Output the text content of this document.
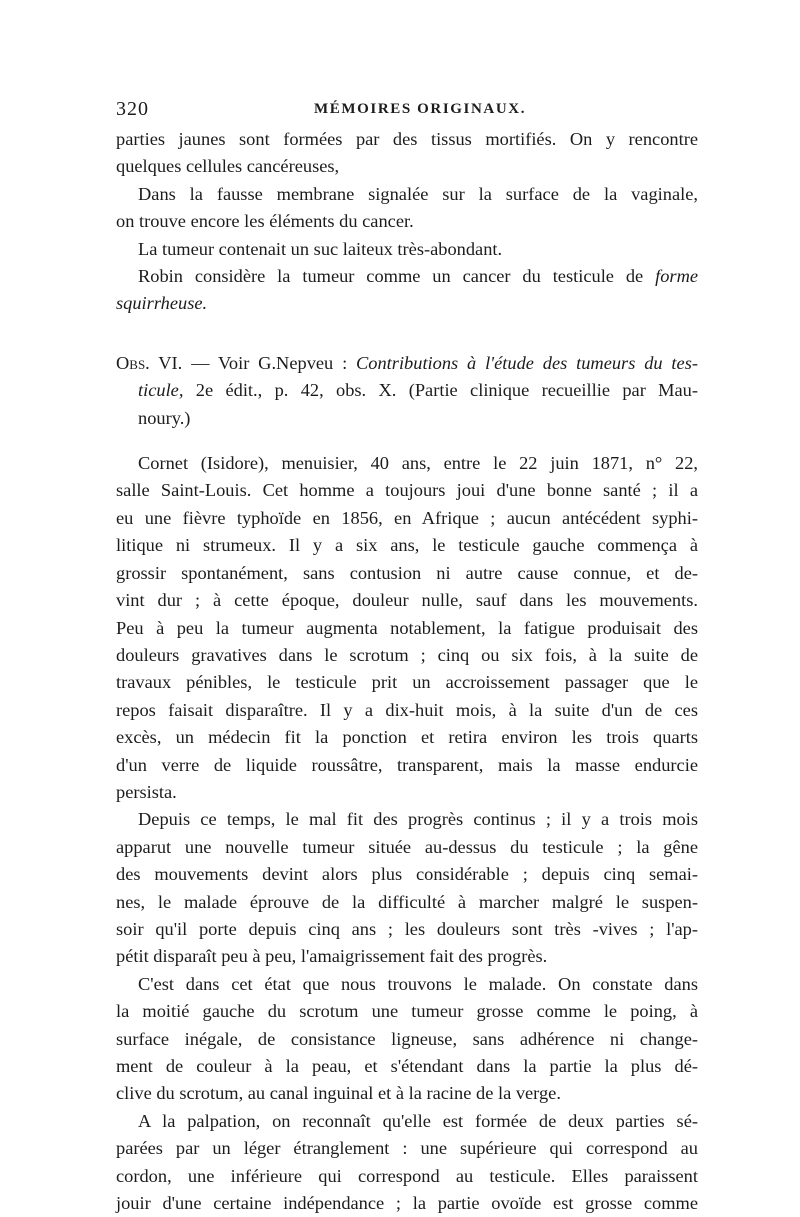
320	MÉMOIRES ORIGINAUX.
parties jaunes sont formées par des tissus mortifiés. On y rencontre
quelques cellules cancéreuses,
Dans la fausse membrane signalée sur la surface de la vaginale,
on trouve encore les éléments du cancer.
La tumeur contenait un suc laiteux très-abondant.
Robin considère la tumeur comme un cancer du testicule de forme
squirrheuse.
Obs. VI. — Voir G.Nepveu : Contributions à l'étude des tumeurs du tes-
ticule, 2e édit., p. 42, obs. X. (Partie clinique recueillie par Mau-
noury.)
Cornet (Isidore), menuisier, 40 ans, entre le 22 juin 1871, n° 22,
salle Saint-Louis. Cet homme a toujours joui d'une bonne santé ; il a
eu une fièvre typhoïde en 1856, en Afrique ; aucun antécédent syphi-
litique ni strumeux. Il y a six ans, le testicule gauche commença à
grossir spontanément, sans contusion ni autre cause connue, et de-
vint dur ; à cette époque, douleur nulle, sauf dans les mouvements.
Peu à peu la tumeur augmenta notablement, la fatigue produisait des
douleurs gravatives dans le scrotum ; cinq ou six fois, à la suite de
travaux pénibles, le testicule prit un accroissement passager que le
repos faisait disparaître. Il y a dix-huit mois, à la suite d'un de ces
excès, un médecin fit la ponction et retira environ les trois quarts
d'un verre de liquide roussâtre, transparent, mais la masse endurcie
persista.
Depuis ce temps, le mal fit des progrès continus ; il y a trois mois
apparut une nouvelle tumeur située au-dessus du testicule ; la gêne
des mouvements devint alors plus considérable ; depuis cinq semai-
nes, le malade éprouve de la difficulté à marcher malgré le suspen-
soir qu'il porte depuis cinq ans ; les douleurs sont très -vives ; l'ap-
pétit disparaît peu à peu, l'amaigrissement fait des progrès.
C'est dans cet état que nous trouvons le malade. On constate dans
la moitié gauche du scrotum une tumeur grosse comme le poing, à
surface inégale, de consistance ligneuse, sans adhérence ni change-
ment de couleur à la peau, et s'étendant dans la partie la plus dé-
clive du scrotum, au canal inguinal et à la racine de la verge.
A la palpation, on reconnaît qu'elle est formée de deux parties sé-
parées par un léger étranglement : une supérieure qui correspond au
cordon, une inférieure qui correspond au testicule. Elles paraissent
jouir d'une certaine indépendance ; la partie ovoïde est grosse comme
